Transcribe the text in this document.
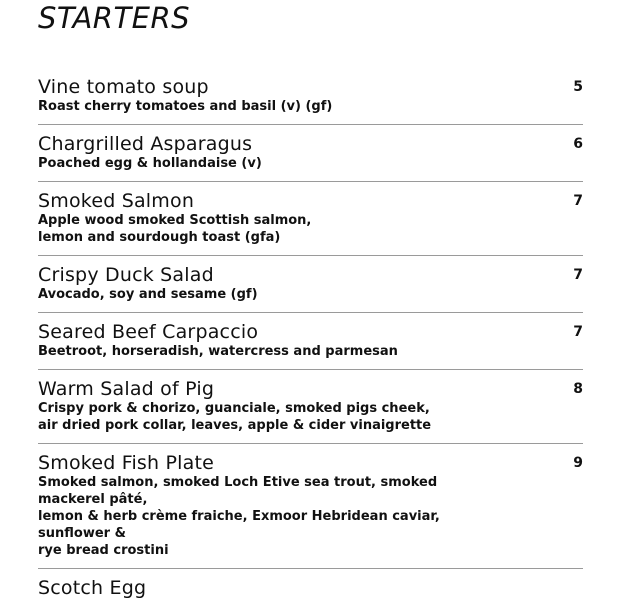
STARTERS
Vine tomato soup
Roast cherry tomatoes and basil (v) (gf)
5
Chargrilled Asparagus
Poached egg & hollandaise (v)
6
Smoked Salmon
Apple wood smoked Scottish salmon,
lemon and sourdough toast (gfa)
7
Crispy Duck Salad
Avocado, soy and sesame (gf)
7
Seared Beef Carpaccio
Beetroot, horseradish, watercress and parmesan
7
Warm Salad of Pig
Crispy pork & chorizo, guanciale, smoked pigs cheek,
air dried pork collar, leaves, apple & cider vinaigrette
8
Smoked Fish Plate
Smoked salmon, smoked Loch Etive sea trout, smoked mackerel pâté,
lemon & herb crème fraiche, Exmoor Hebridean caviar, sunflower &
rye bread crostini
9
Scotch Egg
